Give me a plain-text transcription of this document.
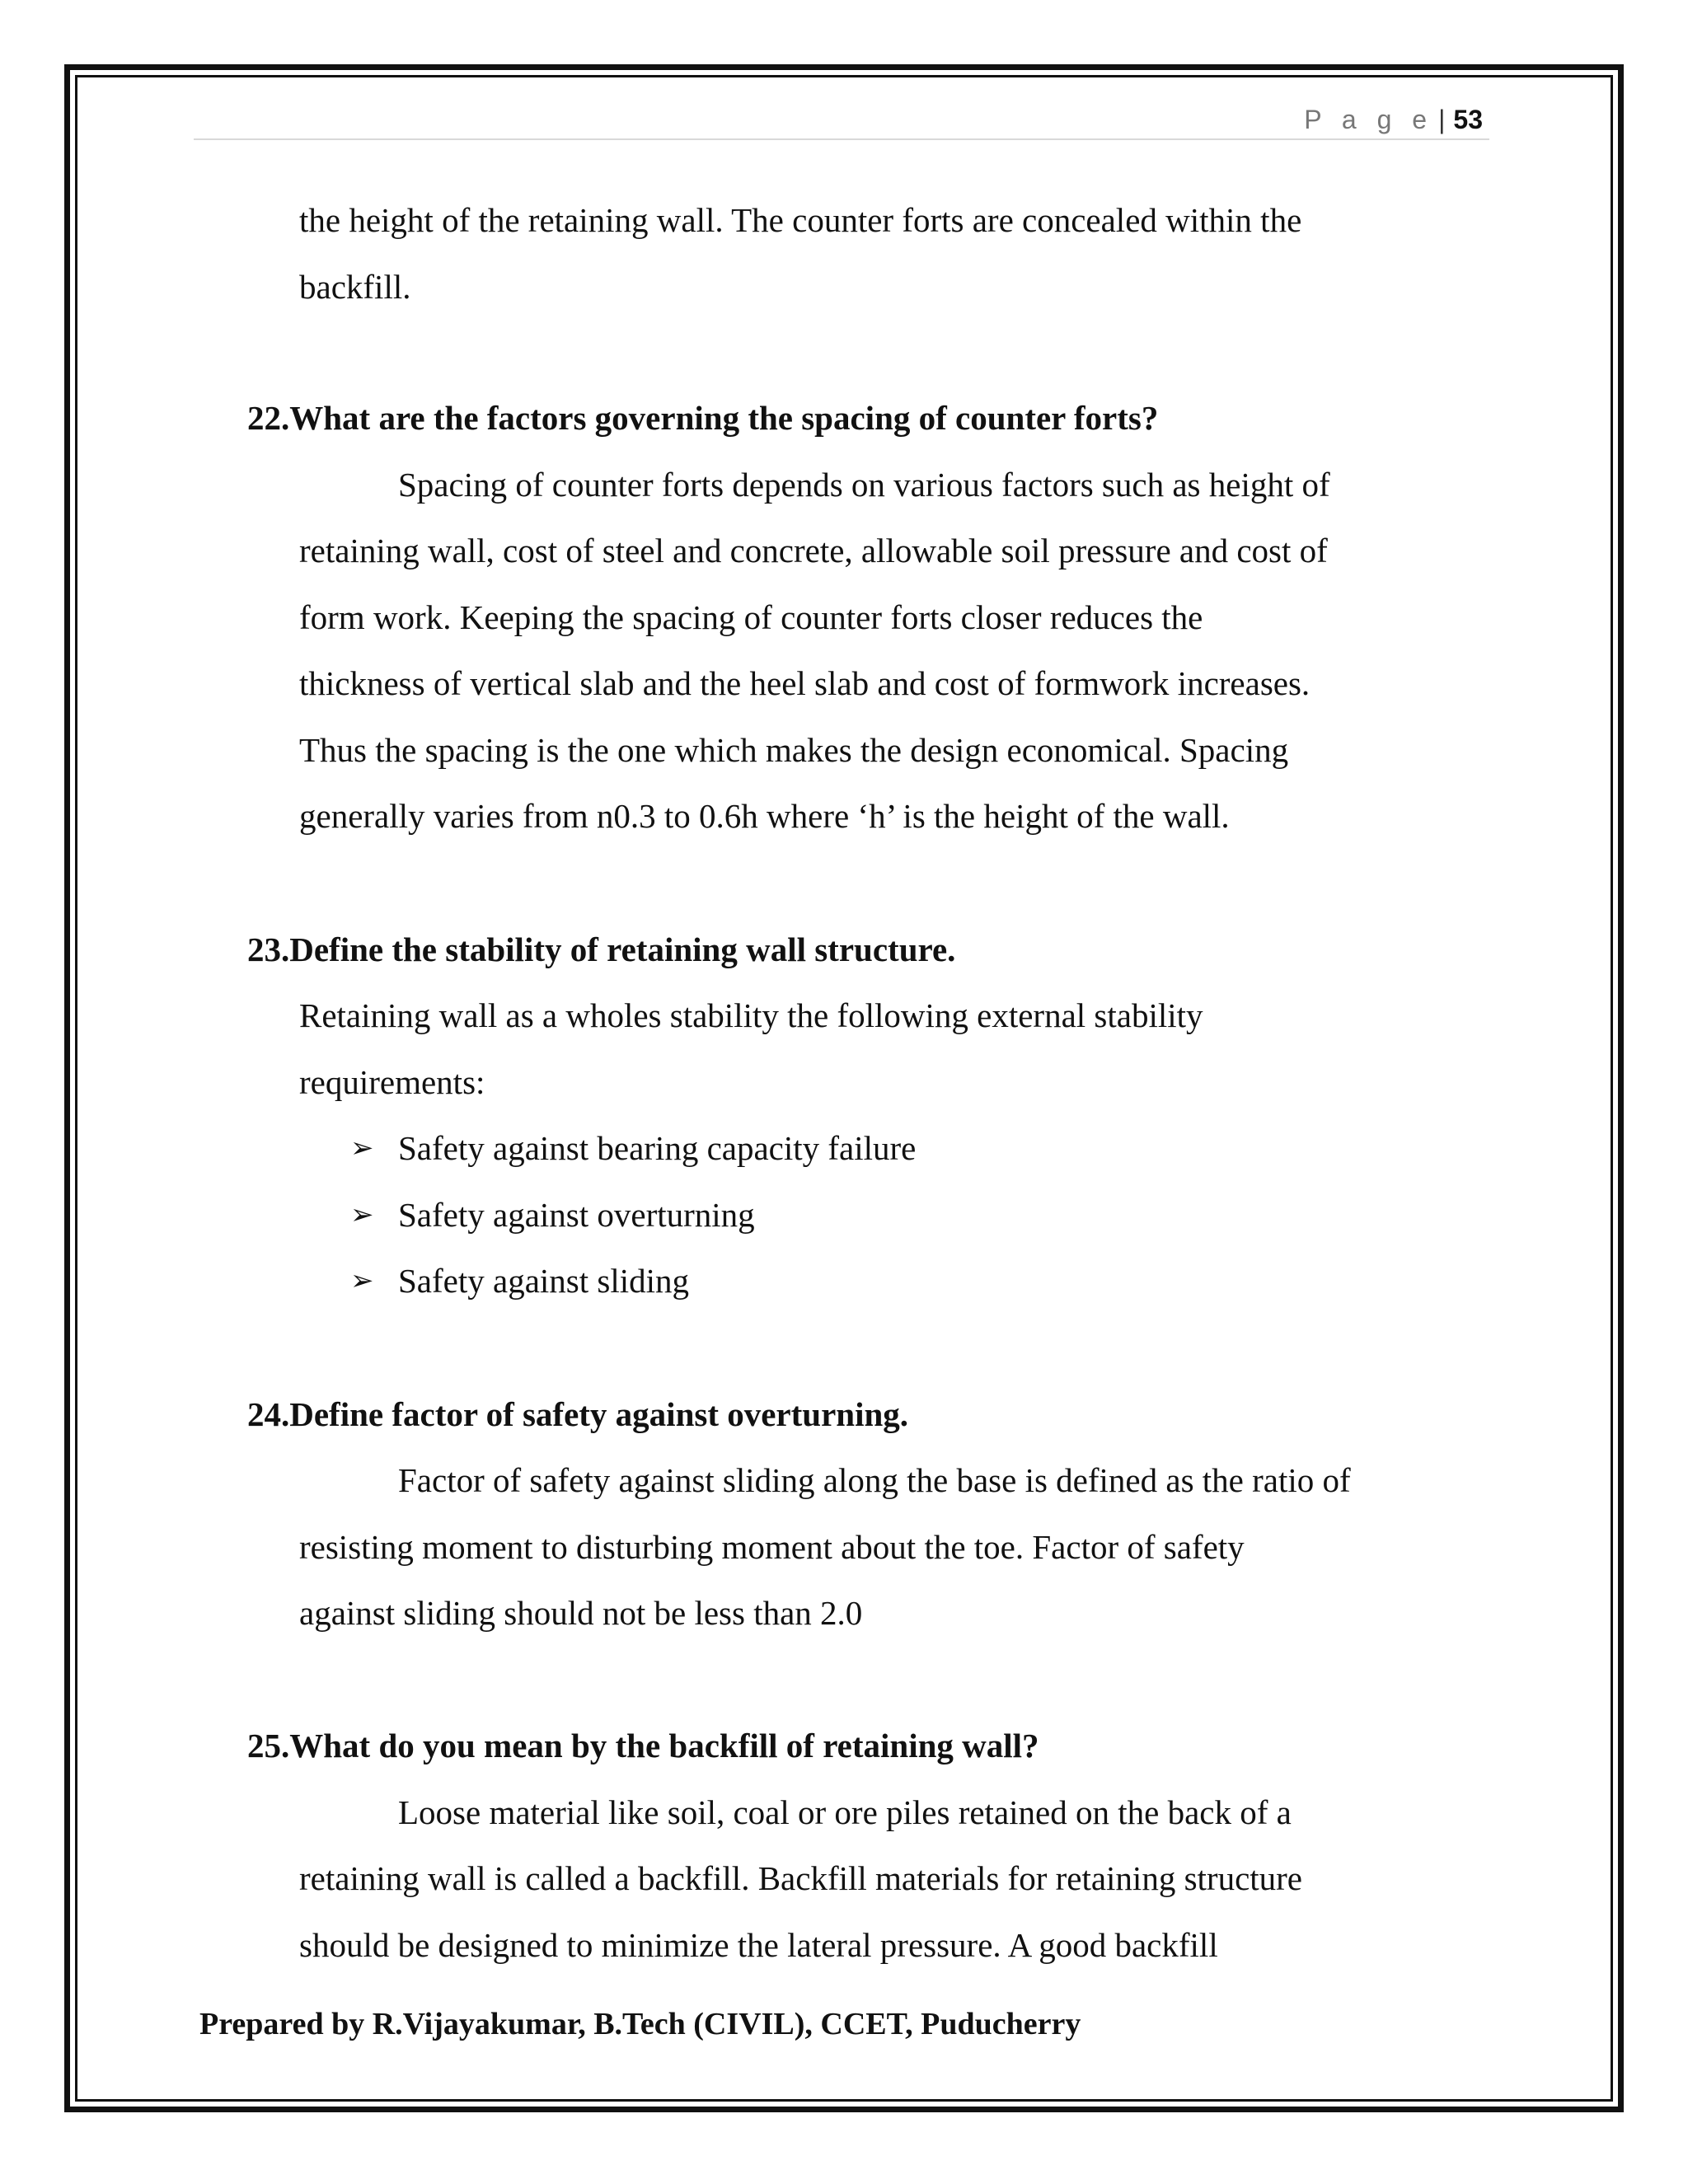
P a g e | 53
the height of the retaining wall. The counter forts are concealed within the
backfill.
22.What are the factors governing the spacing of counter forts?
Spacing of counter forts depends on various factors such as height of
retaining wall, cost of steel and concrete, allowable soil pressure and cost of
form work. Keeping the spacing of counter forts closer reduces the
thickness of vertical slab and the heel slab and cost of formwork increases.
Thus the spacing is the one which makes the design economical. Spacing
generally varies from n0.3 to 0.6h where ‘h’ is the height of the wall.
23.Define the stability of retaining wall structure.
Retaining wall as a wholes stability the following external stability
requirements:
➢ Safety against bearing capacity failure
➢ Safety against overturning
➢ Safety against sliding
24.Define factor of safety against overturning.
Factor of safety against sliding along the base is defined as the ratio of
resisting moment to disturbing moment about the toe. Factor of safety
against sliding should not be less than 2.0
25.What do you mean by the backfill of retaining wall?
Loose material like soil, coal or ore piles retained on the back of a
retaining wall is called a backfill. Backfill materials for retaining structure
should be designed to minimize the lateral pressure. A good backfill
Prepared by R.Vijayakumar, B.Tech (CIVIL), CCET, Puducherry
